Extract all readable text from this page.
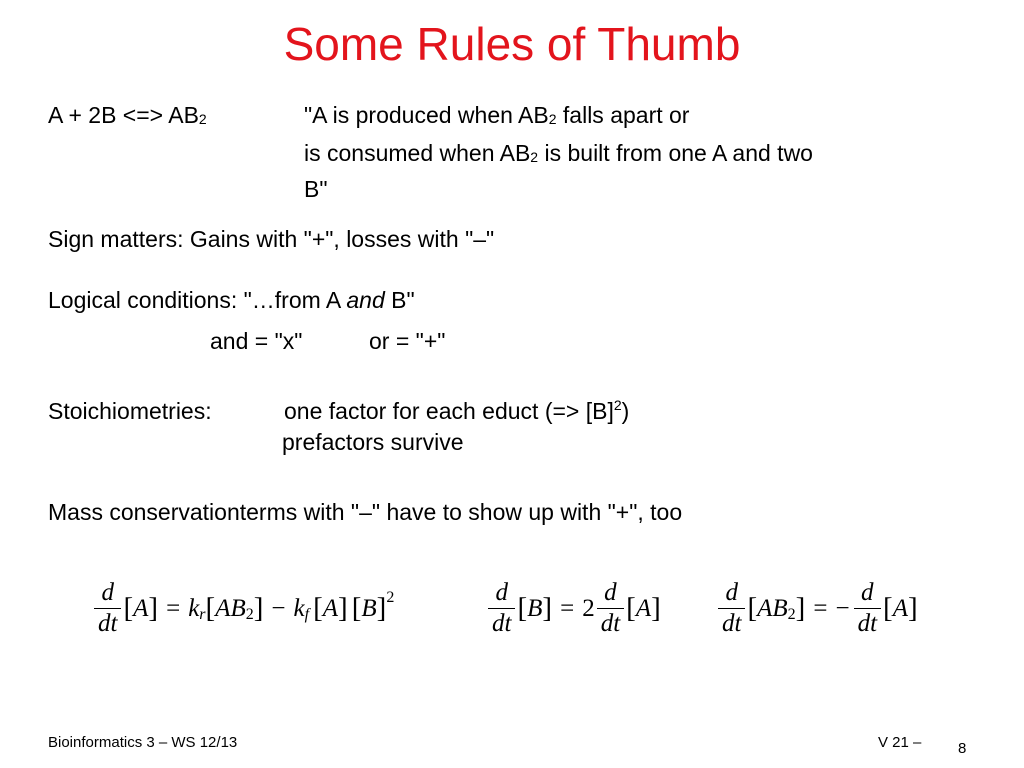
Some Rules of Thumb
A + 2B <=> AB2	"A is produced when AB2 falls apart or
is consumed when AB2 is built from one A and two
B"
Sign matters: Gains with "+", losses with "–"
Logical conditions: "…from A and B"
and = "x"	or = "+"
Stoichiometries:	one factor for each educt (=> $[B]^2$)
prefactors survive
Mass conservationterms with "–" have to show up with "+", too
$\frac{d}{dt}$ [ A ] = k r [ AB 2 ] − k f [ A ] [ B ] 2	$\frac{d}{dt}$ [ B ] = $2 \frac{d}{dt}$ [ A ] $\frac{d}{dt}$ [ AB 2 ] = − $\frac{d}{dt}$ [ A ]
Bioinformatics 3 – WS 12/13	V 21 – 8
